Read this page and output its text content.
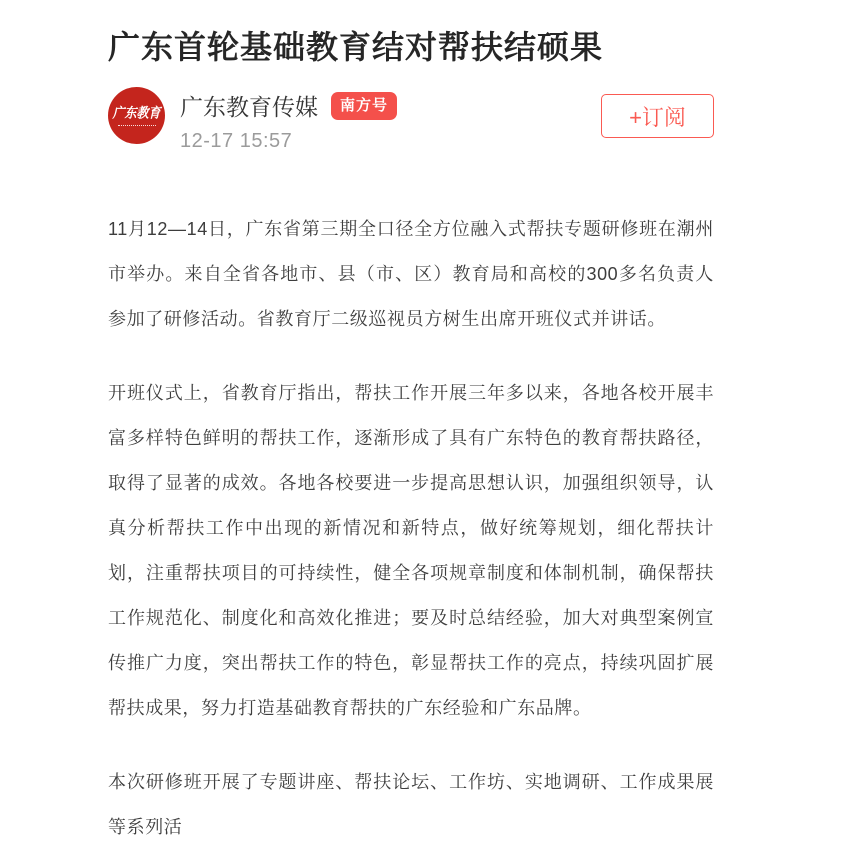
广东首轮基础教育结对帮扶结硕果
广东教育 广东教育传媒	南方号
12-17 15:57
+订阅

11月12—14日，广东省第三期全口径全方位融入式帮扶专题研修班在潮州市举办。来自全省各地市、县（市、区）教育局和高校的300多名负责人参加了研修活动。省教育厅二级巡视员方树生出席开班仪式并讲话。

开班仪式上，省教育厅指出，帮扶工作开展三年多以来，各地各校开展丰富多样特色鲜明的帮扶工作，逐渐形成了具有广东特色的教育帮扶路径，取得了显著的成效。各地各校要进一步提高思想认识，加强组织领导，认真分析帮扶工作中出现的新情况和新特点，做好统筹规划，细化帮扶计划，注重帮扶项目的可持续性，健全各项规章制度和体制机制，确保帮扶工作规范化、制度化和高效化推进；要及时总结经验，加大对典型案例宣传推广力度，突出帮扶工作的特色，彰显帮扶工作的亮点，持续巩固扩展帮扶成果，努力打造基础教育帮扶的广东经验和广东品牌。

本次研修班开展了专题讲座、帮扶论坛、工作坊、实地调研、工作成果展等系列活
